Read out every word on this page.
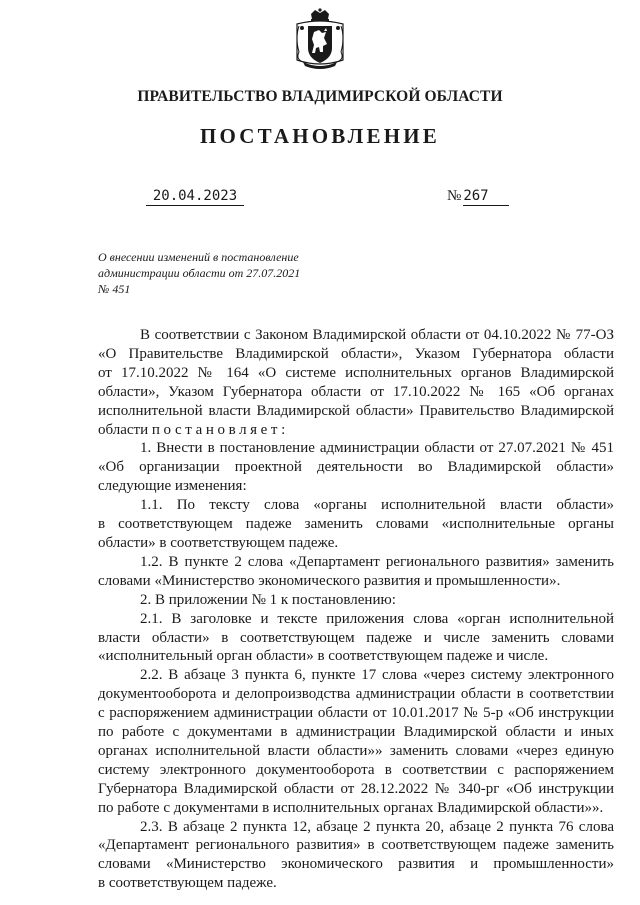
ПРАВИТЕЛЬСТВО ВЛАДИМИРСКОЙ ОБЛАСТИ
ПОСТАНОВЛЕНИЕ
20.04.2023	№ 267
О внесении изменений в постановление
администрации области от 27.07.2021
№ 451
В соответствии с Законом Владимирской области от 04.10.2022 № 77-ОЗ
«О Правительстве Владимирской области», Указом Губернатора области
от 17.10.2022 № 164 «О системе исполнительных органов Владимирской
области», Указом Губернатора области от 17.10.2022 № 165 «Об органах
исполнительной власти Владимирской области» Правительство Владимирской
области постановляет:
1. Внести в постановление администрации области от 27.07.2021 № 451
«Об организации проектной деятельности во Владимирской области»
следующие изменения:
1.1. По тексту слова «органы исполнительной власти области»
в соответствующем падеже заменить словами «исполнительные органы
области» в соответствующем падеже.
1.2. В пункте 2 слова «Департамент регионального развития» заменить
словами «Министерство экономического развития и промышленности».
2. В приложении № 1 к постановлению:
2.1. В заголовке и тексте приложения слова «орган исполнительной
власти области» в соответствующем падеже и числе заменить словами
«исполнительный орган области» в соответствующем падеже и числе.
2.2. В абзаце 3 пункта 6, пункте 17 слова «через систему электронного
документооборота и делопроизводства администрации области в соответствии
с распоряжением администрации области от 10.01.2017 № 5-р «Об инструкции
по работе с документами в администрации Владимирской области и иных
органах исполнительной власти области»» заменить словами «через единую
систему электронного документооборота в соответствии с распоряжением
Губернатора Владимирской области от 28.12.2022 № 340-рг «Об инструкции
по работе с документами в исполнительных органах Владимирской области»».
2.3. В абзаце 2 пункта 12, абзаце 2 пункта 20, абзаце 2 пункта 76 слова
«Департамент регионального развития» в соответствующем падеже заменить
словами «Министерство экономического развития и промышленности»
в соответствующем падеже.
